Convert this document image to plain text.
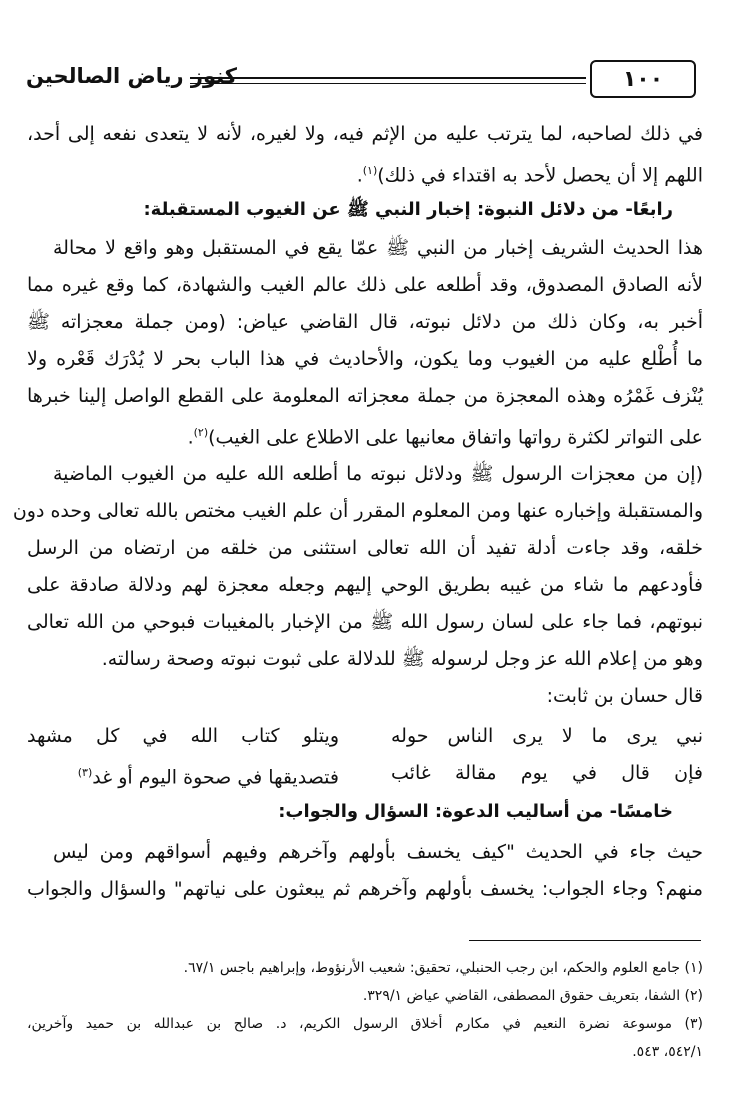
١٠٠
كنوز رياض الصالحين
في ذلك لصاحبه، لما يترتب عليه من الإثم فيه، ولا لغيره، لأنه لا يتعدى نفعه إلى أحد،
اللهم إلا أن يحصل لأحد به اقتداء في ذلك)$^{(١)}$.
رابعًا- من دلائل النبوة: إخبار النبي ﷺ عن الغيوب المستقبلة:
هذا الحديث الشريف إخبار من النبي ﷺ عمّا يقع في المستقبل وهو واقع لا محالة
لأنه الصادق المصدوق، وقد أطلعه على ذلك عالم الغيب والشهادة، كما وقع غيره مما
أخبر به، وكان ذلك من دلائل نبوته، قال القاضي عياض: (ومن جملة معجزاته ﷺ
ما أُطْلع عليه من الغيوب وما يكون، والأحاديث في هذا الباب بحر لا يُدْرَك قَعْره ولا
يُنْزف غَمْرُه وهذه المعجزة من جملة معجزاته المعلومة على القطع الواصل إلينا خبرها
على التواتر لكثرة رواتها واتفاق معانيها على الاطلاع على الغيب)$^{(٢)}$.
(إن من معجزات الرسول ﷺ ودلائل نبوته ما أطلعه الله عليه من الغيوب الماضية
والمستقبلة وإخباره عنها ومن المعلوم المقرر أن علم الغيب مختص بالله تعالى وحده دون
خلقه، وقد جاءت أدلة تفيد أن الله تعالى استثنى من خلقه من ارتضاه من الرسل
فأودعهم ما شاء من غيبه بطريق الوحي إليهم وجعله معجزة لهم ودلالة صادقة على
نبوتهم، فما جاء على لسان رسول الله ﷺ من الإخبار بالمغيبات فبوحي من الله تعالى
وهو من إعلام الله عز وجل لرسوله ﷺ للدلالة على ثبوت نبوته وصحة رسالته.
قال حسان بن ثابت:
نبي يرى ما لا يرى الناس حوله
ويتلو كتاب الله في كل مشهد
فإن قال في يوم مقالة غائب
فتصديقها في صحوة اليوم أو غد$^{(٣)}$
خامسًا- من أساليب الدعوة: السؤال والجواب:
حيث جاء في الحديث "كيف يخسف بأولهم وآخرهم وفيهم أسواقهم ومن ليس
منهم؟ وجاء الجواب: يخسف بأولهم وآخرهم ثم يبعثون على نياتهم" والسؤال والجواب
(١) جامع العلوم والحكم، ابن رجب الحنبلي، تحقيق: شعيب الأرنؤوط، وإبراهيم باجس ٦٧/١.
(٢) الشفا، بتعريف حقوق المصطفى، القاضي عياض ٣٢٩/١.
(٣) موسوعة نضرة النعيم في مكارم أخلاق الرسول الكريم، د. صالح بن عبدالله بن حميد وآخرين،
٥٤٢/١، ٥٤٣.
